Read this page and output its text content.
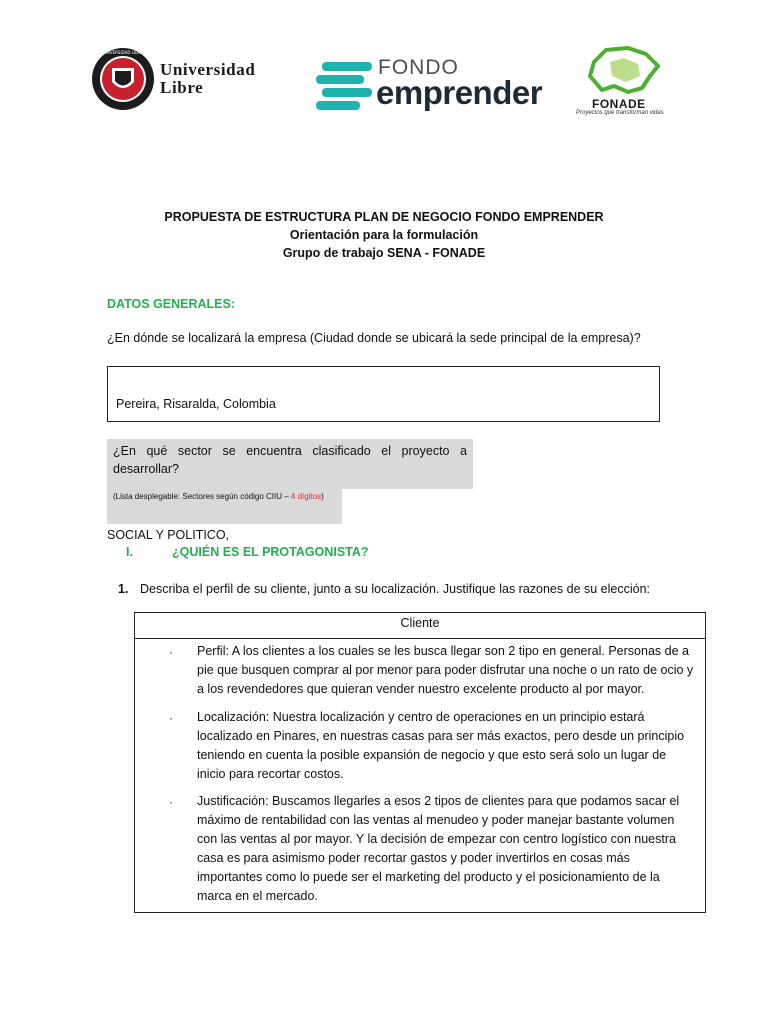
UNIVERSIDAD LIBRE
Universidad
Libre
FONDO
emprender	FONADE
Proyectos que transforman vidas
PROPUESTA DE ESTRUCTURA PLAN DE NEGOCIO FONDO EMPRENDER
Orientación para la formulación
Grupo de trabajo SENA - FONADE
DATOS GENERALES:
¿En dónde se localizará la empresa (Ciudad donde se ubicará la sede principal de la empresa)?
Pereira, Risaralda, Colombia
¿En qué sector se encuentra clasificado el proyecto a desarrollar?
(Lista desplegable: Sectores según código CIIU – 4 dígitos)
SOCIAL Y POLITICO,
I.	¿QUIÉN ES EL PROTAGONISTA?
1. Describa el perfil de su cliente, junto a su localización. Justifique las razones de su elección:
Cliente
· Perfil: A los clientes a los cuales se les busca llegar son 2 tipo en general. Personas de a pie que busquen comprar al por menor para poder disfrutar una noche o un rato de ocio y a los revendedores que quieran vender nuestro excelente producto al por mayor.
· Localización: Nuestra localización y centro de operaciones en un principio estará localizado en Pinares, en nuestras casas para ser más exactos, pero desde un principio teniendo en cuenta la posible expansión de negocio y que esto será solo un lugar de inicio para recortar costos.
· Justificación: Buscamos llegarles a esos 2 tipos de clientes para que podamos sacar el máximo de rentabilidad con las ventas al menudeo y poder manejar bastante volumen con las ventas al por mayor. Y la decisión de empezar con centro logístico con nuestra casa es para asimismo poder recortar gastos y poder invertirlos en cosas más importantes como lo puede ser el marketing del producto y el posicionamiento de la marca en el mercado.
